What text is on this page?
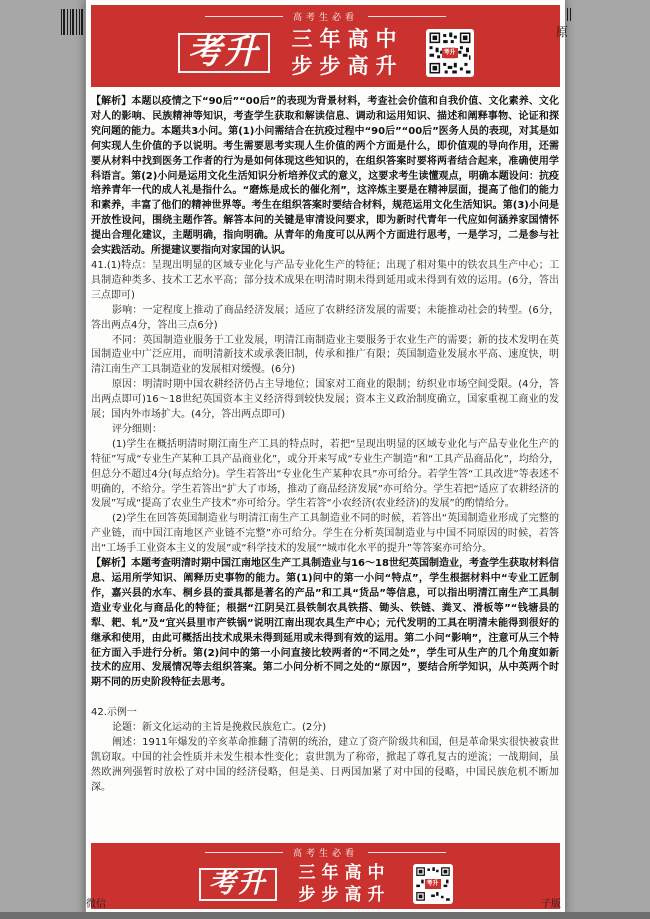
原
高考生必看
考升	三年高中
步步高升
考升

【解析】本题以疫情之下“90后”“00后”的表现为背景材料，考查社会价值和自我价值、文化素养、文化对人的影响、民族精神等知识，考查学生获取和解读信息、调动和运用知识、描述和阐释事物、论证和探究问题的能力。本题共3小问。第(1)小问需结合在抗疫过程中“90后”“00后”医务人员的表现，对其是如何实现人生价值的予以说明。考生需要思考实现人生价值的两个方面是什么，即价值观的导向作用，还需要从材料中找到医务工作者的行为是如何体现这些知识的，在组织答案时要将两者结合起来，准确使用学科语言。第(2)小问是运用文化生活知识分析培养仪式的意义，这要求考生读懂观点，明确本题设问：抗疫培养青年一代的成人礼是指什么。“磨炼是成长的催化剂”，这淬炼主要是在精神层面，提高了他们的能力和素养，丰富了他们的精神世界等。考生在组织答案时要结合材料，规范运用文化生活知识。第(3)小问是开放性设问，围绕主题作答。解答本问的关键是审清设问要求，即为新时代青年一代应如何涵养家国情怀提出合理化建议，主题明确，指向明确。从青年的角度可以从两个方面进行思考，一是学习，二是参与社会实践活动。所提建议要指向对家国的认识。

41.(1)特点：呈现出明显的区域专业化与产品专业化生产的特征；出现了相对集中的铁农具生产中心；工具制造种类多、技术工艺水平高；部分技术成果在明清时期未得到延用或未得到有效的运用。(6分，答出三点即可)

影响：一定程度上推动了商品经济发展；适应了农耕经济发展的需要；未能推动社会的转型。(6分，答出两点4分，答出三点6分)

不同：英国制造业服务于工业发展，明清江南制造业主要服务于农业生产的需要；新的技术发明在英国制造业中广泛应用，而明清新技术或承袭旧制，传承和推广有限；英国制造业发展水平高、速度快，明清江南生产工具制造业的发展相对缓慢。(6分)

原因：明清时期中国农耕经济仍占主导地位；国家对工商业的限制；纺织业市场空间受限。(4分，答出两点即可)16～18世纪英国资本主义经济得到较快发展；资本主义政治制度确立，国家重视工商业的发展；国内外市场扩大。(4分，答出两点即可)

评分细则：

(1)学生在概括明清时期江南生产工具的特点时，若把“呈现出明显的区域专业化与产品专业化生产的特征”写成“专业生产某种工具产品商业化”，或分开来写成“专业生产制造”和“工具产品商品化”，均给分，但总分不超过4分(每点给分)。学生若答出“专业化生产某种农具”亦可给分。若学生答“工具改进”等表述不明确的，不给分。学生若答出“扩大了市场，推动了商品经济发展”亦可给分。学生若把“适应了农耕经济的发展”写成“提高了农业生产技术”亦可给分。学生若答“小农经济(农业经济)的发展”的酌情给分。

(2)学生在回答英国制造业与明清江南生产工具制造业不同的时候，若答出“英国制造业形成了完整的产业链，而中国江南地区产业链不完整”亦可给分。学生在分析英国制造业与中国不同原因的时候，若答出“工场手工业资本主义的发展”或“科学技术的发展”“城市化水平的提升”等答案亦可给分。

【解析】本题考查明清时期中国江南地区生产工具制造业与16～18世纪英国制造业，考查学生获取材料信息、运用所学知识、阐释历史事物的能力。第(1)问中的第一小问“特点”，学生根据材料中“专业工匠制作，嘉兴县的水车、桐乡县的蚕具都是著名的产品”和工具“货品”等信息，可以指出明清江南生产工具制造业专业化与商品化的特征；根据“江阴吴江县铁制农具铁搭、锄头、铁链、粪叉、滑板等”“钱塘县的犁、耙、轧”及“宜兴县里市产铁锅”说明江南出现农具生产中心；元代发明的工具在明清未能得到很好的继承和使用，由此可概括出技术成果未得到延用或未得到有效的运用。第二小问“影响”，注意可从三个特征方面入手进行分析。第(2)问中的第一小问直接比较两者的“不同之处”，学生可从生产的几个角度如新技术的应用、发展情况等去组织答案。第二小问分析不同之处的“原因”，要结合所学知识，从中英两个时期不同的历史阶段特征去思考。

42.示例一

论题：新文化运动的主旨是挽救民族危亡。(2分)

阐述：1911年爆发的辛亥革命推翻了清朝的统治，建立了资产阶级共和国，但是革命果实很快被袁世凯窃取。中国的社会性质并未发生根本性变化；袁世凯为了称帝，掀起了尊孔复古的逆流；一战期间，虽然欧洲列强暂时放松了对中国的经济侵略，但是美、日两国加紧了对中国的侵略，中国民族危机不断加深。

高考生必看
考升	三年高中
步步高升
考升
微信	子版
